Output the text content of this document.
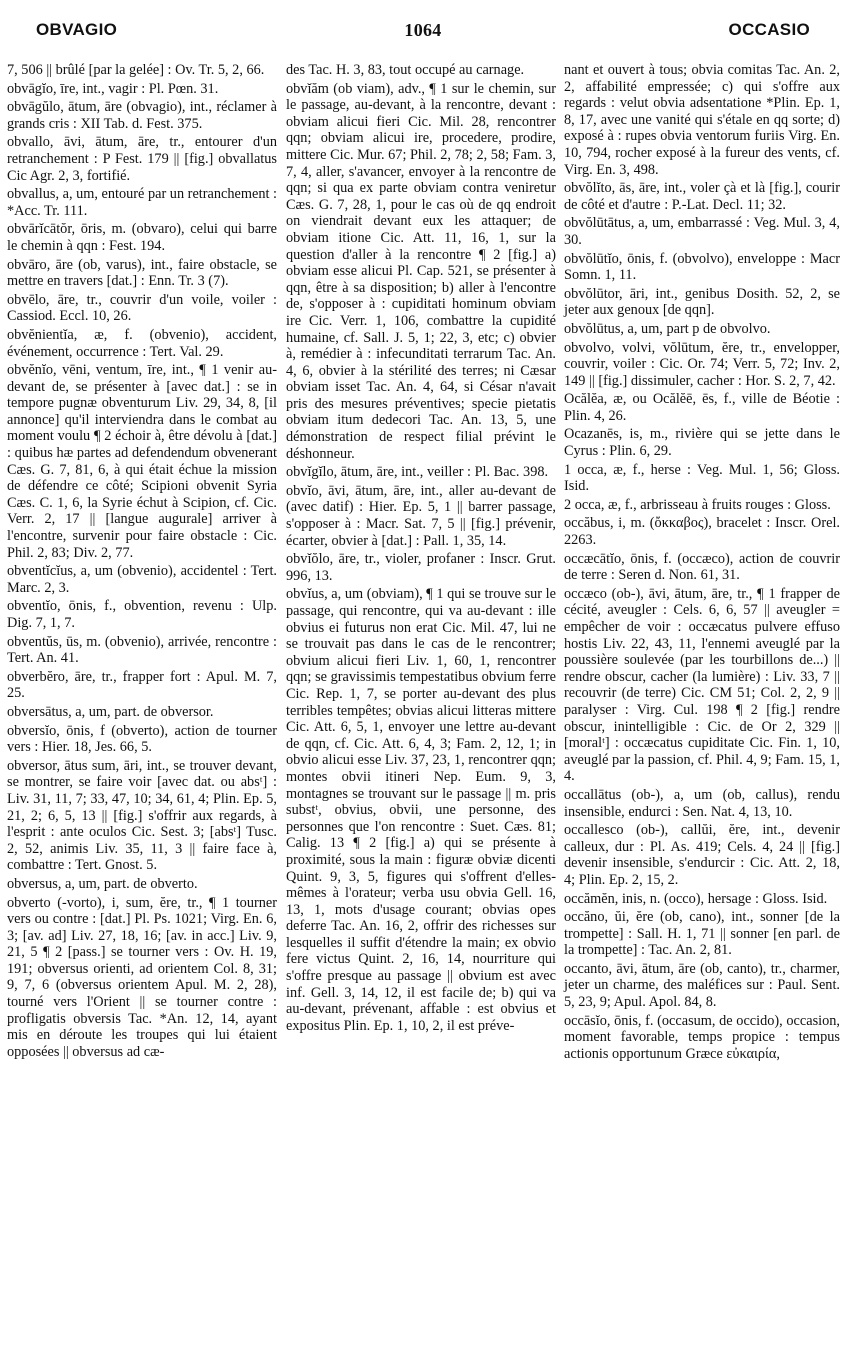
OBVAGIO	1064	OCCASIO

7, 506 || brûlé [par la gelée] : Ov. Tr. 5, 2, 66.

obvāgĭo, īre, int., vagir : Pl. Pœn. 31.

obvāgŭlo, ātum, āre (obvagio), int., réclamer à grands cris : XII Tab. d. Fest. 375.

obvallo, āvi, ātum, āre, tr., entourer d'un retranchement : P Fest. 179 || [fig.] obvallatus Cic Agr. 2, 3, fortifié.

obvallus, a, um, entouré par un retranchement : *Acc. Tr. 111.

obvārĭcātŏr, ōris, m. (obvaro), celui qui barre le chemin à qqn : Fest. 194.

obvāro, āre (ob, varus), int., faire obstacle, se mettre en travers [dat.] : Enn. Tr. 3 (7).

obvēlo, āre, tr., couvrir d'un voile, voiler : Cassiod. Eccl. 10, 26.

obvĕnientĭa, æ, f. (obvenio), accident, événement, occurrence : Tert. Val. 29.

obvĕnĭo, vēni, ventum, īre, int., ¶ 1 venir au-devant de, se présenter à [avec dat.] : se in tempore pugnæ obventurum Liv. 29, 34, 8, [il annonce] qu'il interviendra dans le combat au moment voulu ¶ 2 échoir à, être dévolu à [dat.] : quibus hæ partes ad defendendum obvenerant Cæs. G. 7, 81, 6, à qui était échue la mission de défendre ce côté; Scipioni obvenit Syria Cæs. C. 1, 6, la Syrie échut à Scipion, cf. Cic. Verr. 2, 17 || [langue augurale] arriver à l'encontre, survenir pour faire obstacle : Cic. Phil. 2, 83; Div. 2, 77.

obventĭcĭus, a, um (obvenio), accidentel : Tert. Marc. 2, 3.

obventĭo, ōnis, f., obvention, revenu : Ulp. Dig. 7, 1, 7.

obventŭs, ūs, m. (obvenio), arrivée, rencontre : Tert. An. 41.

obverbĕro, āre, tr., frapper fort : Apul. M. 7, 25.

obversātus, a, um, part. de obversor.

obversĭo, ōnis, f (obverto), action de tourner vers : Hier. 18, Jes. 66, 5.

obversor, ātus sum, āri, int., se trouver devant, se montrer, se faire voir [avec dat. ou absᵗ] : Liv. 31, 11, 7; 33, 47, 10; 34, 61, 4; Plin. Ep. 5, 21, 2; 6, 5, 13 || [fig.] s'offrir aux regards, à l'esprit : ante oculos Cic. Sest. 3; [absᵗ] Tusc. 2, 52, animis Liv. 35, 11, 3 || faire face à, combattre : Tert. Gnost. 5.

obversus, a, um, part. de obverto.

obverto (-vorto), i, sum, ĕre, tr., ¶ 1 tourner vers ou contre : [dat.] Pl. Ps. 1021; Virg. En. 6, 3; [av. ad] Liv. 27, 18, 16; [av. in acc.] Liv. 9, 21, 5 ¶ 2 [pass.] se tourner vers : Ov. H. 19, 191; obversus orienti, ad orientem Col. 8, 31; 9, 7, 6 (obversus orientem Apul. M. 2, 28), tourné vers l'Orient || se tourner contre : profligatis obversis Tac. *An. 12, 14, ayant mis en déroute les troupes qui lui étaient opposées || obversus ad cæ-

des Tac. H. 3, 83, tout occupé au carnage.

obvĭăm (ob viam), adv., ¶ 1 sur le chemin, sur le passage, au-devant, à la rencontre, devant : obviam alicui fieri Cic. Mil. 28, rencontrer qqn; obviam alicui ire, procedere, prodire, mittere Cic. Mur. 67; Phil. 2, 78; 2, 58; Fam. 3, 7, 4, aller, s'avancer, envoyer à la rencontre de qqn; si qua ex parte obviam contra veniretur Cæs. G. 7, 28, 1, pour le cas où de qq endroit on viendrait devant eux les attaquer; de obviam itione Cic. Att. 11, 16, 1, sur la question d'aller à la rencontre ¶ 2 [fig.] a) obviam esse alicui Pl. Cap. 521, se présenter à qqn, être à sa disposition; b) aller à l'encontre de, s'opposer à : cupiditati hominum obviam ire Cic. Verr. 1, 106, combattre la cupidité humaine, cf. Sall. J. 5, 1; 22, 3, etc; c) obvier à, remédier à : infecunditati terrarum Tac. An. 4, 6, obvier à la stérilité des terres; ni Cæsar obviam isset Tac. An. 4, 64, si César n'avait pris des mesures préventives; specie pietatis obviam itum dedecori Tac. An. 13, 5, une démonstration de respect filial prévint le déshonneur.

obvĭgĭlo, ātum, āre, int., veiller : Pl. Bac. 398.

obvĭo, āvi, ātum, āre, int., aller au-devant de (avec datif) : Hier. Ep. 5, 1 || barrer passage, s'opposer à : Macr. Sat. 7, 5 || [fig.] prévenir, écarter, obvier à [dat.] : Pall. 1, 35, 14.

obvĭŏlo, āre, tr., violer, profaner : Inscr. Grut. 996, 13.

obvĭus, a, um (obviam), ¶ 1 qui se trouve sur le passage, qui rencontre, qui va au-devant : ille obvius ei futurus non erat Cic. Mil. 47, lui ne se trouvait pas dans le cas de le rencontrer; obvium alicui fieri Liv. 1, 60, 1, rencontrer qqn; se gravissimis tempestatibus obvium ferre Cic. Rep. 1, 7, se porter au-devant des plus terribles tempêtes; obvias alicui litteras mittere Cic. Att. 6, 5, 1, envoyer une lettre au-devant de qqn, cf. Cic. Att. 6, 4, 3; Fam. 2, 12, 1; in obvio alicui esse Liv. 37, 23, 1, rencontrer qqn; montes obvii itineri Nep. Eum. 9, 3, montagnes se trouvant sur le passage || m. pris substᵗ, obvius, obvii, une personne, des personnes que l'on rencontre : Suet. Cæs. 81; Calig. 13 ¶ 2 [fig.] a) qui se présente à proximité, sous la main : figuræ obviæ dicenti Quint. 9, 3, 5, figures qui s'offrent d'elles-mêmes à l'orateur; verba usu obvia Gell. 16, 13, 1, mots d'usage courant; obvias opes deferre Tac. An. 16, 2, offrir des richesses sur lesquelles il suffit d'étendre la main; ex obvio fere victus Quint. 2, 16, 14, nourriture qui s'offre presque au passage || obvium est avec inf. Gell. 3, 14, 12, il est facile de; b) qui va au-devant, prévenant, affable : est obvius et expositus Plin. Ep. 1, 10, 2, il est préve-

nant et ouvert à tous; obvia comitas Tac. An. 2, 2, affabilité empressée; c) qui s'offre aux regards : velut obvia adsentatione *Plin. Ep. 1, 8, 17, avec une vanité qui s'étale en qq sorte; d) exposé à : rupes obvia ventorum furiis Virg. En. 10, 794, rocher exposé à la fureur des vents, cf. Virg. En. 3, 498.

obvŏlĭto, ās, āre, int., voler çà et là [fig.], courir de côté et d'autre : P.-Lat. Decl. 11; 32.

obvŏlūtātus, a, um, embarrassé : Veg. Mul. 3, 4, 30.

obvŏlūtĭo, ōnis, f. (obvolvo), enveloppe : Macr Somn. 1, 11.

obvŏlūtor, āri, int., genibus Dosith. 52, 2, se jeter aux genoux [de qqn].

obvŏlūtus, a, um, part p de obvolvo.

obvolvo, volvi, vŏlūtum, ĕre, tr., envelopper, couvrir, voiler : Cic. Or. 74; Verr. 5, 72; Inv. 2, 149 || [fig.] dissimuler, cacher : Hor. S. 2, 7, 42.

Ocălĕa, æ, ou Ocălĕē, ēs, f., ville de Béotie : Plin. 4, 26.

Ocazanēs, is, m., rivière qui se jette dans le Cyrus : Plin. 6, 29.

1 occa, æ, f., herse : Veg. Mul. 1, 56; Gloss. Isid.

2 occa, æ, f., arbrisseau à fruits rouges : Gloss.

occăbus, i, m. (ὄκκαβος), bracelet : Inscr. Orel. 2263.

occæcātĭo, ōnis, f. (occæco), action de couvrir de terre : Seren d. Non. 61, 31.

occæco (ob-), āvi, ātum, āre, tr., ¶ 1 frapper de cécité, aveugler : Cels. 6, 6, 57 || aveugler = empêcher de voir : occæcatus pulvere effuso hostis Liv. 22, 43, 11, l'ennemi aveuglé par la poussière soulevée (par les tourbillons de...) || rendre obscur, cacher (la lumière) : Liv. 33, 7 || recouvrir (de terre) Cic. CM 51; Col. 2, 2, 9 || paralyser : Virg. Cul. 198 ¶ 2 [fig.] rendre obscur, inintelligible : Cic. de Or 2, 329 || [moralᵗ] : occæcatus cupiditate Cic. Fin. 1, 10, aveuglé par la passion, cf. Phil. 4, 9; Fam. 15, 1, 4.

occallātus (ob-), a, um (ob, callus), rendu insensible, endurci : Sen. Nat. 4, 13, 10.

occallesco (ob-), callŭi, ĕre, int., devenir calleux, dur : Pl. As. 419; Cels. 4, 24 || [fig.] devenir insensible, s'endurcir : Cic. Att. 2, 18, 4; Plin. Ep. 2, 15, 2.

occămĕn, inis, n. (occo), hersage : Gloss. Isid.

occăno, ŭi, ĕre (ob, cano), int., sonner [de la trompette] : Sall. H. 1, 71 || sonner [en parl. de la trompette] : Tac. An. 2, 81.

occanto, āvi, ātum, āre (ob, canto), tr., charmer, jeter un charme, des maléfices sur : Paul. Sent. 5, 23, 9; Apul. Apol. 84, 8.

occāsĭo, ōnis, f. (occasum, de occido), occasion, moment favorable, temps propice : tempus actionis opportunum Græce εὐκαιρία,
